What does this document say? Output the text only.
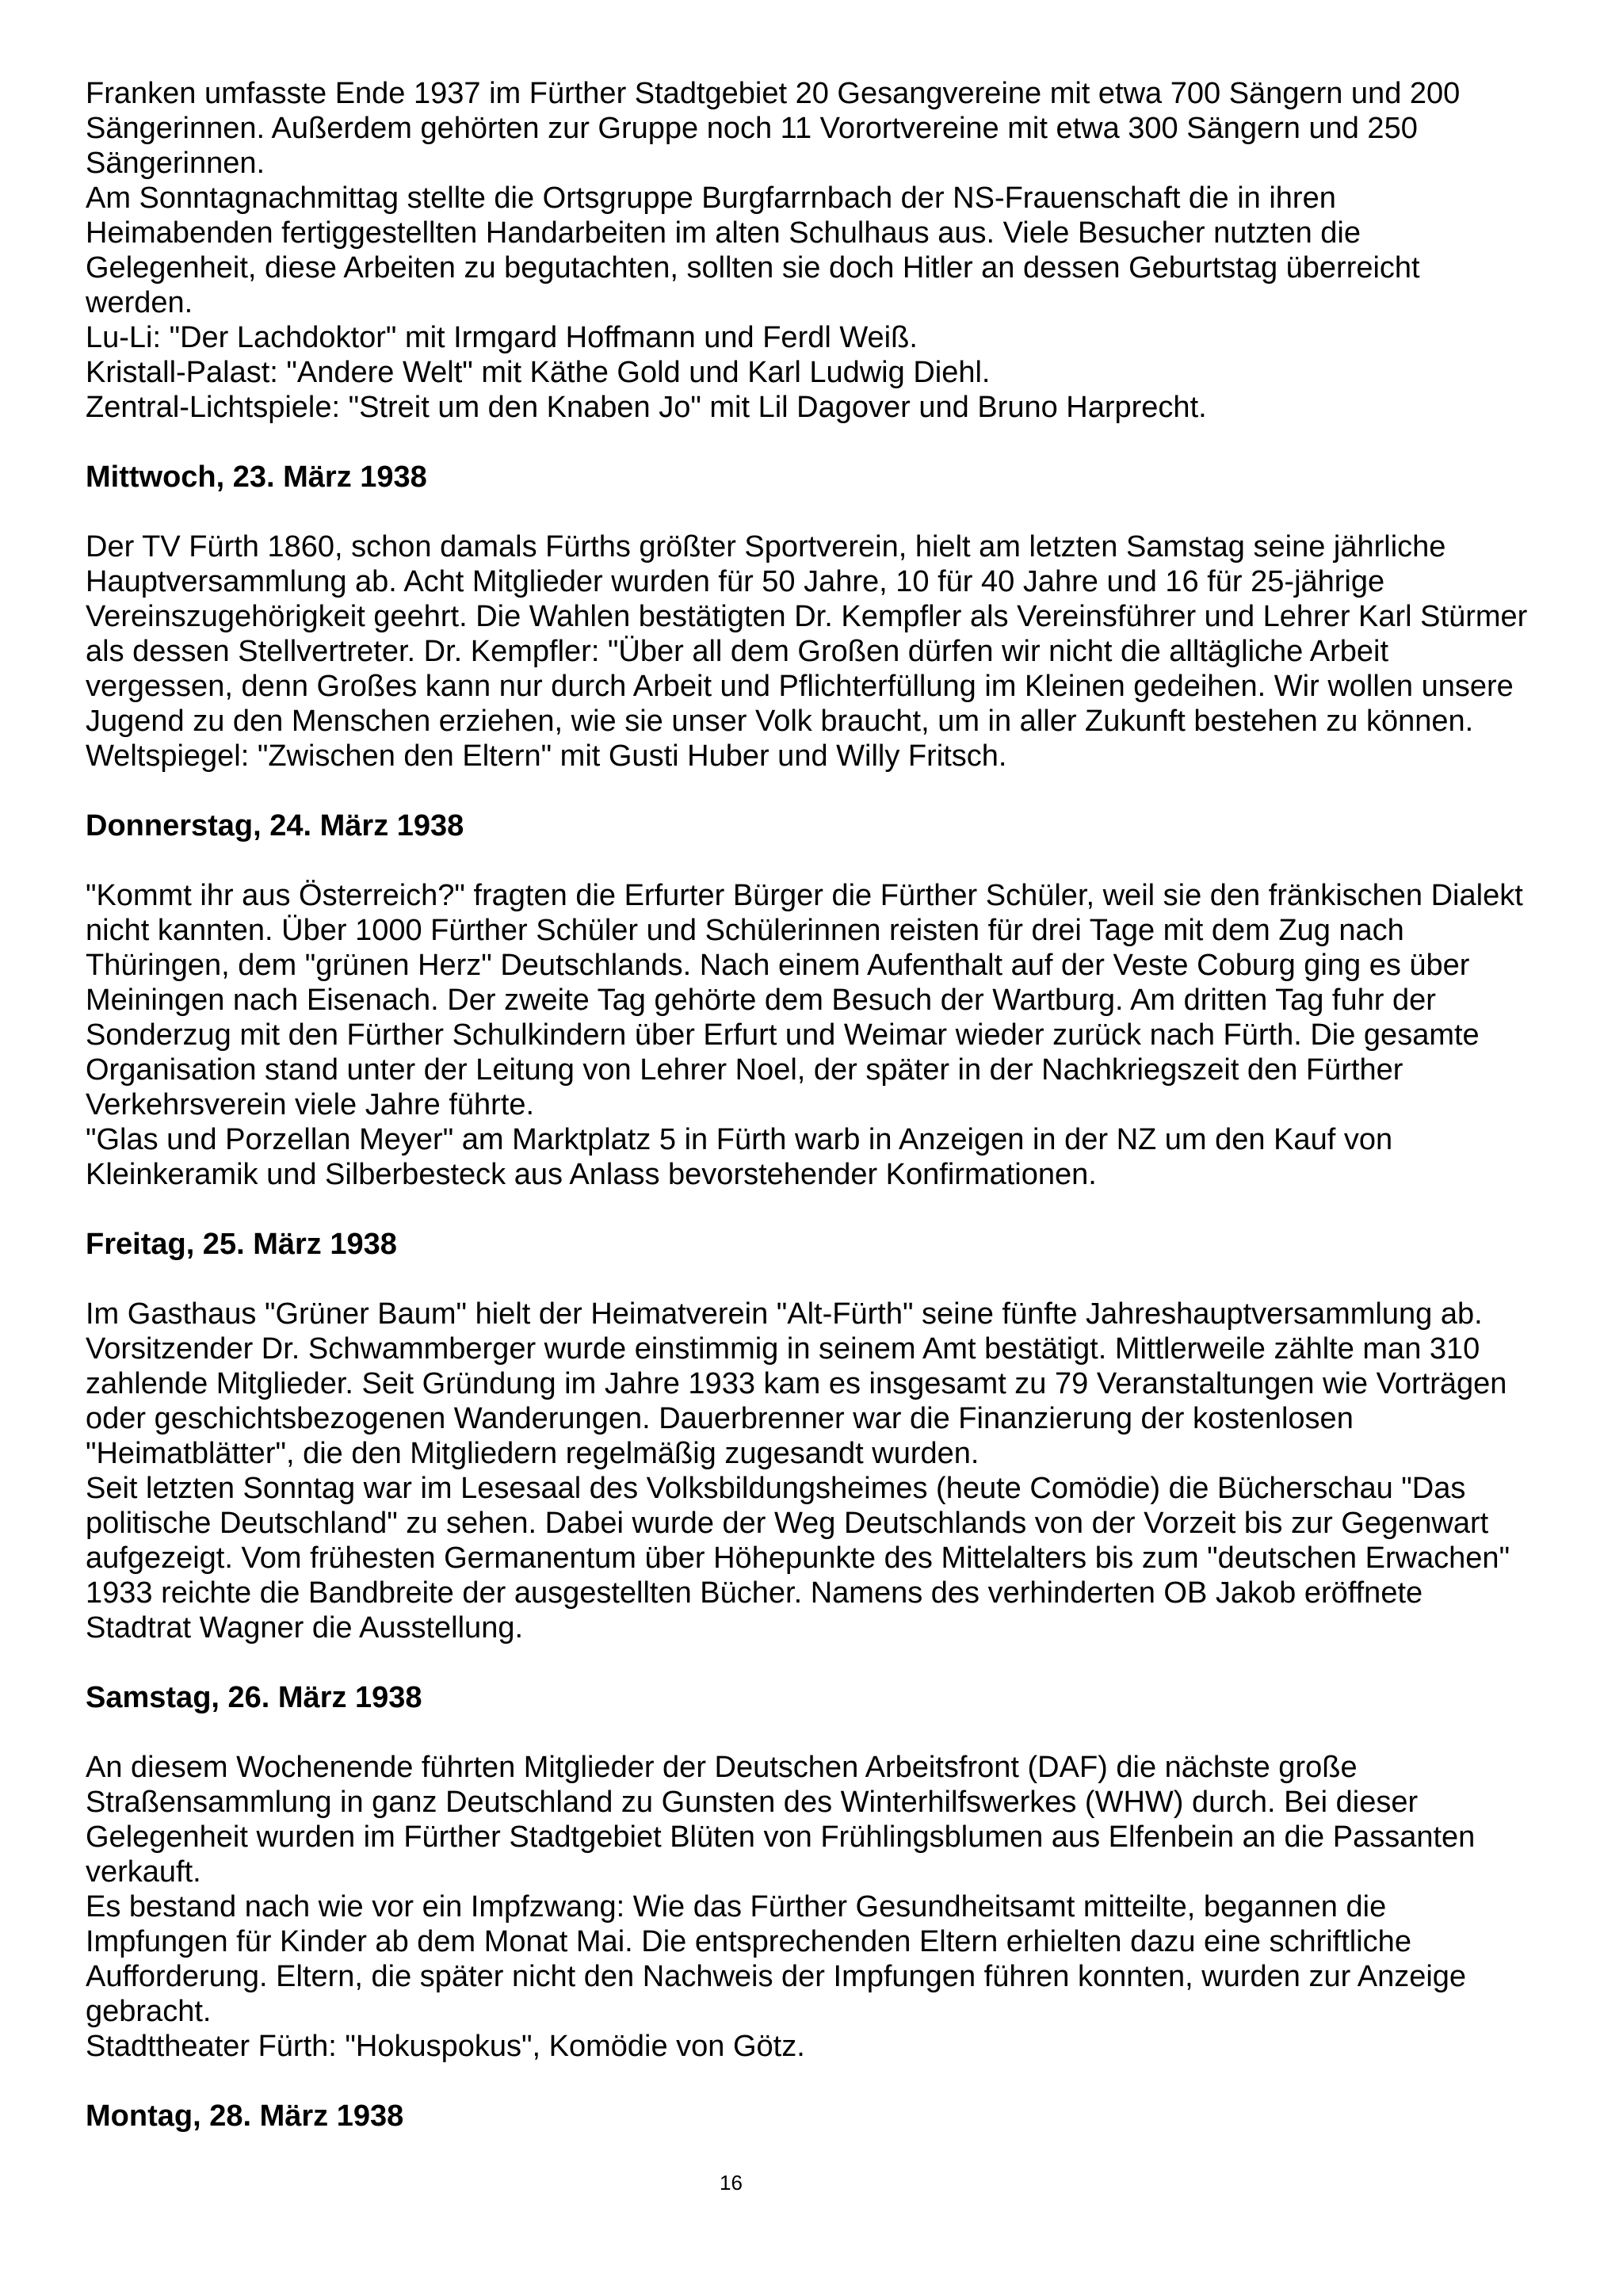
Franken umfasste Ende 1937 im Fürther Stadtgebiet 20 Gesangvereine mit etwa 700 Sängern und 200 Sängerinnen. Außerdem gehörten zur Gruppe noch 11 Vorortvereine mit etwa 300 Sängern und 250 Sängerinnen.

Am Sonntagnachmittag stellte die Ortsgruppe Burgfarrnbach der NS-Frauenschaft die in ihren Heimabenden fertiggestellten Handarbeiten im alten Schulhaus aus. Viele Besucher nutzten die Gelegenheit, diese Arbeiten zu begutachten, sollten sie doch Hitler an dessen Geburtstag überreicht werden.

Lu-Li: "Der Lachdoktor" mit Irmgard Hoffmann und Ferdl Weiß.

Kristall-Palast: "Andere Welt" mit Käthe Gold und Karl Ludwig Diehl.

Zentral-Lichtspiele: "Streit um den Knaben Jo" mit Lil Dagover und Bruno Harprecht.

Mittwoch, 23. März 1938

Der TV Fürth 1860, schon damals Fürths größter Sportverein, hielt am letzten Samstag seine jährliche Hauptversammlung ab. Acht Mitglieder wurden für 50 Jahre, 10 für 40 Jahre und 16 für 25-jährige Vereinszugehörigkeit geehrt. Die Wahlen bestätigten Dr. Kempfler als Vereinsführer und Lehrer Karl Stürmer als dessen Stellvertreter. Dr. Kempfler: "Über all dem Großen dürfen wir nicht die alltägliche Arbeit vergessen, denn Großes kann nur durch Arbeit und Pflichterfüllung im Kleinen gedeihen. Wir wollen unsere Jugend zu den Menschen erziehen, wie sie unser Volk braucht, um in aller Zukunft bestehen zu können.

Weltspiegel: "Zwischen den Eltern" mit Gusti Huber und Willy Fritsch.

Donnerstag, 24. März 1938

"Kommt ihr aus Österreich?" fragten die Erfurter Bürger die Fürther Schüler, weil sie den fränkischen Dialekt nicht kannten. Über 1000 Fürther Schüler und Schülerinnen reisten für drei Tage mit dem Zug nach Thüringen, dem "grünen Herz" Deutschlands. Nach einem Aufenthalt auf der Veste Coburg ging es über Meiningen nach Eisenach. Der zweite Tag gehörte dem Besuch der Wartburg. Am dritten Tag fuhr der Sonderzug mit den Fürther Schulkindern über Erfurt und Weimar wieder zurück nach Fürth. Die gesamte Organisation stand unter der Leitung von Lehrer Noel, der später in der Nachkriegszeit den Fürther Verkehrsverein viele Jahre führte.

"Glas und Porzellan Meyer" am Marktplatz 5 in Fürth warb in Anzeigen in der NZ um den Kauf von Kleinkeramik und Silberbesteck aus Anlass bevorstehender Konfirmationen.

Freitag, 25. März 1938

Im Gasthaus "Grüner Baum" hielt der Heimatverein "Alt-Fürth" seine fünfte Jahreshauptversammlung ab. Vorsitzender Dr. Schwammberger wurde einstimmig in seinem Amt bestätigt. Mittlerweile zählte man 310 zahlende Mitglieder. Seit Gründung im Jahre 1933 kam es insgesamt zu 79 Veranstaltungen wie Vorträgen oder geschichtsbezogenen Wanderungen. Dauerbrenner war die Finanzierung der kostenlosen "Heimatblätter", die den Mitgliedern regelmäßig zugesandt wurden.

Seit letzten Sonntag war im Lesesaal des Volksbildungsheimes (heute Comödie) die Bücherschau "Das politische Deutschland" zu sehen. Dabei wurde der Weg Deutschlands von der Vorzeit bis zur Gegenwart aufgezeigt. Vom frühesten Germanentum über Höhepunkte des Mittelalters bis zum "deutschen Erwachen" 1933 reichte die Bandbreite der ausgestellten Bücher. Namens des verhinderten OB Jakob eröffnete Stadtrat Wagner die Ausstellung.

Samstag, 26. März 1938

An diesem Wochenende führten Mitglieder der Deutschen Arbeitsfront (DAF) die nächste große Straßensammlung in ganz Deutschland zu Gunsten des Winterhilfswerkes (WHW) durch. Bei dieser Gelegenheit wurden im Fürther Stadtgebiet Blüten von Frühlingsblumen aus Elfenbein an die Passanten verkauft.

Es bestand nach wie vor ein Impfzwang: Wie das Fürther Gesundheitsamt mitteilte, begannen die Impfungen für Kinder ab dem Monat Mai. Die entsprechenden Eltern erhielten dazu eine schriftliche Aufforderung. Eltern, die später nicht den Nachweis der Impfungen führen konnten, wurden zur Anzeige gebracht.

Stadttheater Fürth: "Hokuspokus", Komödie von Götz.

Montag, 28. März 1938
16
